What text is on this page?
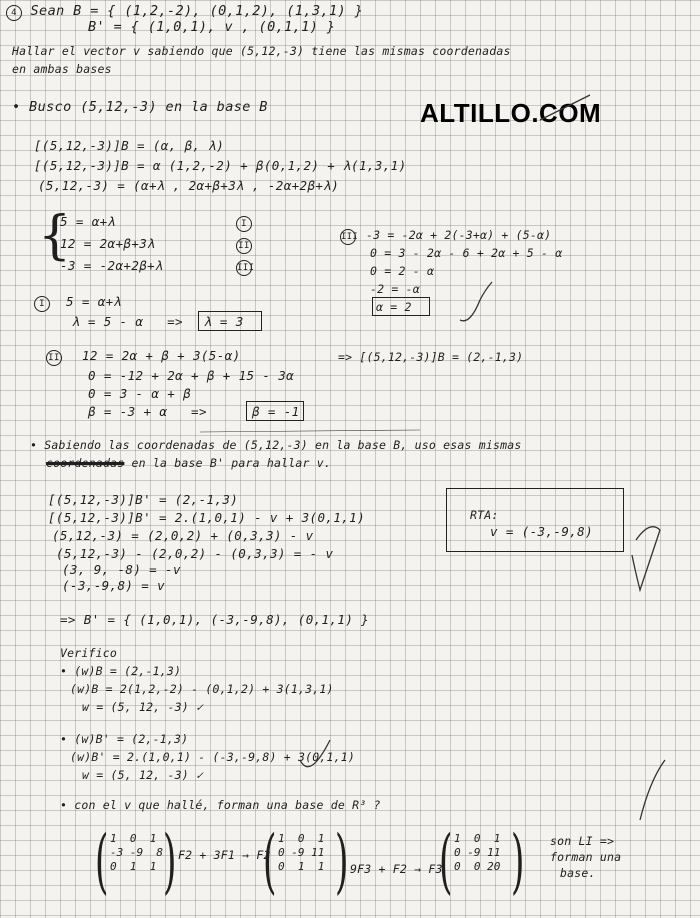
ALTILLO.COM
4 Sean B = { (1,2,-2), (0,1,2), (1,3,1) }
B' = { (1,0,1), v , (0,1,1) }
Hallar el vector v sabiendo que (5,12,-3) tiene las mismas coordenadas
en ambas bases
• Busco (5,12,-3) en la base B
[(5,12,-3)]B = (α, β, λ)
[(5,12,-3)]B = α (1,2,-2) + β(0,1,2) + λ(1,3,1)
(5,12,-3) = (α+λ , 2α+β+3λ , -2α+2β+λ)
{
5 = α+λ
12 = 2α+β+3λ
-3 = -2α+2β+λ
I
II
III
III -3 = -2α + 2(-3+α) + (5-α)
0 = 3 - 2α - 6 + 2α + 5 - α
0 = 2 - α
-2 = -α
α = 2
I	5 = α+λ
λ = 5 - α   => λ = 3
II 12 = 2α + β + 3(5-α)
0 = -12 + 2α + β + 15 - 3α
0 = 3 - α + β
β = -3 + α   =>	β = -1
=> [(5,12,-3)]B = (2,-1,3)
• Sabiendo las coordenadas de (5,12,-3) en la base B, uso esas mismas
coordenadas en la base B' para hallar v.
[(5,12,-3)]B' = (2,-1,3)
[(5,12,-3)]B' = 2.(1,0,1) - v + 3(0,1,1)
(5,12,-3) = (2,0,2) + (0,3,3) - v
(5,12,-3) - (2,0,2) - (0,3,3) = - v
(3, 9, -8) = -v
(-3,-9,8) = v
RTA:
v = (-3,-9,8)
=> B' = { (1,0,1), (-3,-9,8), (0,1,1) }
Verifico
• (w)B = (2,-1,3)
(w)B = 2(1,2,-2) - (0,1,2) + 3(1,3,1)
w = (5, 12, -3) ✓
• (w)B' = (2,-1,3)
(w)B' = 2.(1,0,1) - (-3,-9,8) + 3(0,1,1)
w = (5, 12, -3) ✓
• con el v que hallé, forman una base de R³ ?
( 1  0  1
-3 -9  8
0  1  1 ) F2 + 3F1 → F2
( 1  0  1
0 -9 11
0  1  1 ) 9F3 + F2 → F3
( 1  0  1
0 -9 11
0  0 20 ) son LI =>
forman una
base.
